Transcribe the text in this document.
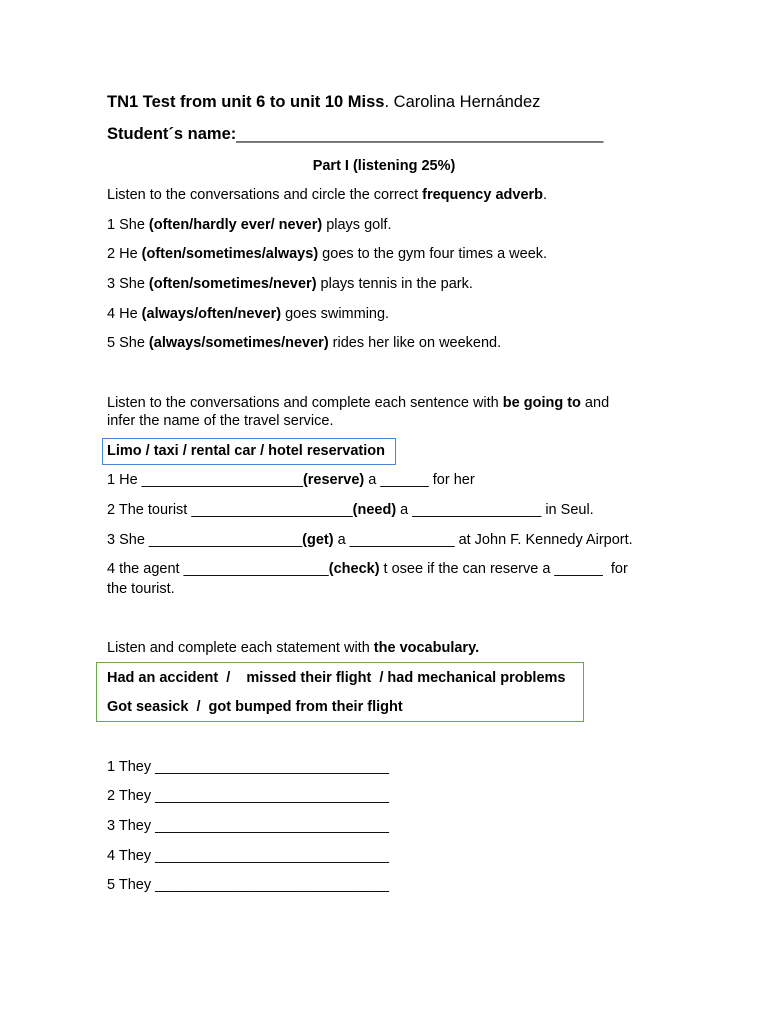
TN1 Test from unit 6 to unit 10 Miss. Carolina Hernández
Student´s name:________________________________________
Part I (listening 25%)
Listen to the conversations and circle the correct frequency adverb.
1 She (often/hardly ever/ never) plays golf.
2 He (often/sometimes/always) goes to the gym four times a week.
3 She (often/sometimes/never) plays tennis in the park.
4 He (always/often/never) goes swimming.
5 She (always/sometimes/never) rides her like on weekend.
Listen to the conversations and complete each sentence with be going to and
infer the name of the travel service.
Limo / taxi / rental car / hotel reservation
1 He ____________________(reserve) a ______ for her
2 The tourist ____________________(need) a ________________ in Seul.
3 She ___________________(get) a _____________ at John F. Kennedy Airport.
4 the agent __________________(check) t osee if the can reserve a ______  for
the tourist.
Listen and complete each statement with the vocabulary.
Had an accident  /    missed their flight  / had mechanical problems
Got seasick  /  got bumped from their flight
1 They _____________________________
2 They _____________________________
3 They _____________________________
4 They _____________________________
5 They _____________________________
